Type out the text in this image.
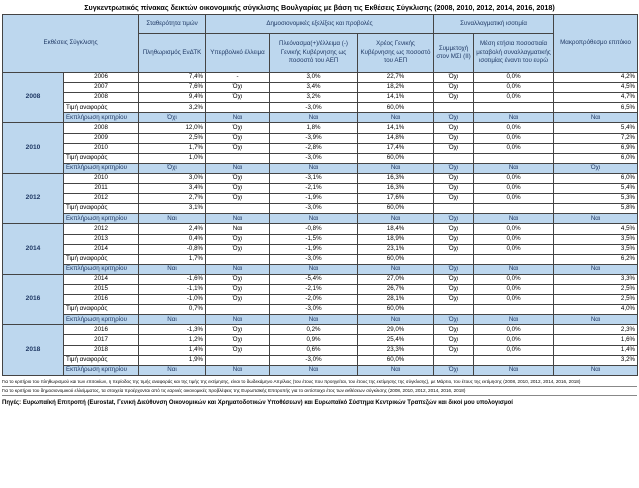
Συγκεντρωτικός πίνακας δεικτών οικονομικής σύγκλισης Βουλγαρίας με βάση τις Εκθέσεις Σύγκλισης (2008, 2010, 2012, 2014, 2016, 2018)
Εκθέσεις Σύγκλισης		Σταθερότητα τιμών	Δημοσιονομικές εξελίξεις και προβολές			Συναλλαγματική ισοτιμία		Μακροπρόθεσμο επιτόκιο
		Πληθωρισμός ΕνΔΤΚ	Υπερβολικό έλλειμα	Πλεόνασμα(+)/έλλειμα (-) Γενικής Κυβέρνησης ως ποσοστό του ΑΕΠ	Χρέος Γενικής Κυβέρνησης ως ποσοστό του ΑΕΠ	Συμμετοχή στον ΜΣΙ (ΙΙ)	Μέση ετήσια ποσοστιαία μεταβολή συναλλαγματικής ισοτιμίας έναντι του ευρώ	
2008	2006	7,4%	-	3,0%	22,7%	Όχι	0,0%	4,2%
	2007	7,6%	Όχι	3,4%	18,2%	Όχι	0,0%	4,5%
	2008	9,4%	Όχι	3,2%	14,1%	Όχι	0,0%	4,7%
	Τιμή αναφοράς	3,2%		-3,0%	60,0%			6,5%
	Εκπλήρωση κριτηρίου	Όχι	Ναι	Ναι	Ναι	Όχι	Ναι	Ναι
2010	2008	12,0%	Όχι	1,8%	14,1%	Όχι	0,0%	5,4%
	2009	2,5%	Όχι	-3,9%	14,8%	Όχι	0,0%	7,2%
	2010	1,7%	Όχι	-2,8%	17,4%	Όχι	0,0%	6,9%
	Τιμή αναφοράς	1,0%		-3,0%	60,0%			6,0%
	Εκπλήρωση κριτηρίου	Όχι	Ναι	Ναι	Ναι	Όχι	Ναι	Όχι
2012	2010	3,0%	Όχι	-3,1%	16,3%	Όχι	0,0%	6,0%
	2011	3,4%	Όχι	-2,1%	16,3%	Όχι	0,0%	5,4%
	2012	2,7%	Όχι	-1,9%	17,6%	Όχι	0,0%	5,3%
	Τιμή αναφοράς	3,1%		-3,0%	60,0%			5,8%
	Εκπλήρωση κριτηρίου	Ναι	Ναι	Ναι	Ναι	Όχι	Ναι	Ναι
2014	2012	2,4%	Ναι	-0,8%	18,4%	Όχι	0,0%	4,5%
	2013	0,4%	Όχι	-1,5%	18,9%	Όχι	0,0%	3,5%
	2014	-0,8%	Όχι	-1,9%	23,1%	Όχι	0,0%	3,5%
	Τιμή αναφοράς	1,7%		-3,0%	60,0%			6,2%
	Εκπλήρωση κριτηρίου	Ναι	Ναι	Ναι	Ναι	Όχι	Ναι	Ναι
2016	2014	-1,6%	Όχι	-5,4%	27,0%	Όχι	0,0%	3,3%
	2015	-1,1%	Όχι	-2,1%	26,7%	Όχι	0,0%	2,5%
	2016	-1,0%	Όχι	-2,0%	28,1%	Όχι	0,0%	2,5%
	Τιμή αναφοράς	0,7%		-3,0%	60,0%			4,0%
	Εκπλήρωση κριτηρίου	Ναι	Ναι	Ναι	Ναι	Όχι	Ναι	Ναι
2018	2016	-1,3%	Όχι	0,2%	29,0%	Όχι	0,0%	2,3%
	2017	1,2%	Όχι	0,9%	25,4%	Όχι	0,0%	1,6%
	2018	1,4%	Όχι	0,6%	23,3%	Όχι	0,0%	1,4%
	Τιμή αναφοράς	1,9%		-3,0%	60,0%			3,2%
	Εκπλήρωση κριτηρίου	Ναι	Ναι	Ναι	Ναι	Όχι	Ναι	Ναι
Για το κριτήριο του πληθωρισμού και των επιτοκίων, η περίοδος της τιμής αναφοράς και της τιμής της εκτίμησης, είναι το δωδεκάμηνο Απρίλιος (του έτους που προηγείται, του έτους της εκτίμησης της σύγκλισης), με Μάρτιο, του έτους της εκτίμησης (2008, 2010, 2012, 2014, 2016, 2018)
Για το κριτήριο του δημοσιονομικού ελλείμματος, τα στοιχεία προέρχονται από τις εαρινές οικονομικές προβλέψεις της Ευρωπαϊκής Επιτροπής για το αντίστοιχο έτος των εκθέσεων σύγκλισης (2008, 2010, 2012, 2014, 2016, 2018)
Πηγές: Ευρωπαϊκή Επιτροπή (Eurostat, Γενική Διεύθυνση Οικονομικών και Χρηματοδοτικών Υποθέσεων) και Ευρωπαϊκό Σύστημα Κεντρικών Τραπεζών και δικοί μου υπολογισμοί
